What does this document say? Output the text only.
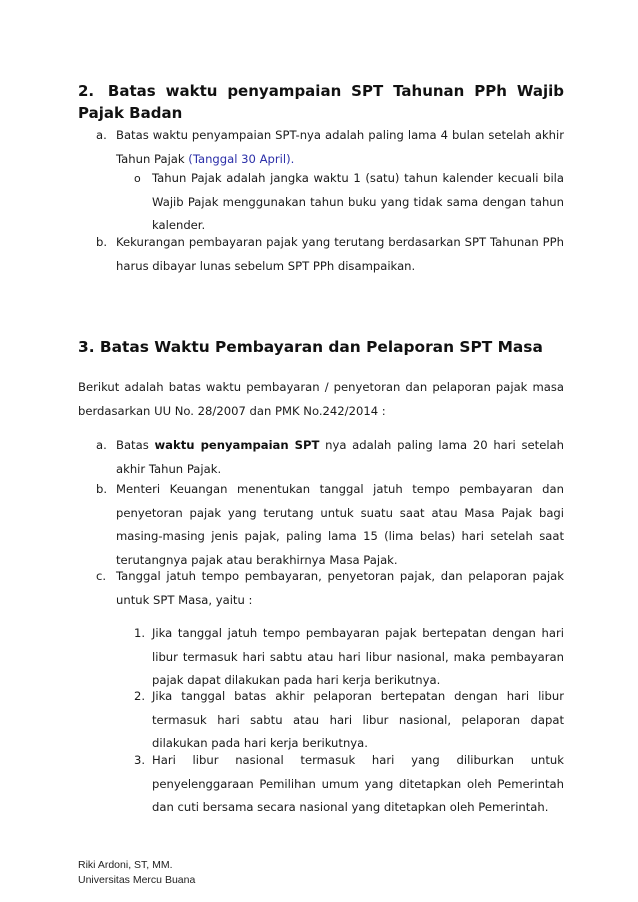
2. Batas waktu penyampaian SPT Tahunan PPh Wajib Pajak Badan
a. Batas waktu penyampaian SPT-nya adalah paling lama 4 bulan setelah akhir Tahun Pajak (Tanggal 30 April).
o Tahun Pajak adalah jangka waktu 1 (satu) tahun kalender kecuali bila Wajib Pajak menggunakan tahun buku yang tidak sama dengan tahun kalender.
b. Kekurangan pembayaran pajak yang terutang berdasarkan SPT Tahunan PPh harus dibayar lunas sebelum SPT PPh disampaikan.
3. Batas Waktu Pembayaran dan Pelaporan SPT Masa
Berikut adalah batas waktu pembayaran / penyetoran dan pelaporan pajak masa berdasarkan UU No. 28/2007 dan PMK No.242/2014 :
a. Batas waktu penyampaian SPT nya adalah paling lama 20 hari setelah akhir Tahun Pajak.
b. Menteri Keuangan menentukan tanggal jatuh tempo pembayaran dan penyetoran pajak yang terutang untuk suatu saat atau Masa Pajak bagi masing-masing jenis pajak, paling lama 15 (lima belas) hari setelah saat terutangnya pajak atau berakhirnya Masa Pajak.
c. Tanggal jatuh tempo pembayaran, penyetoran pajak, dan pelaporan pajak untuk SPT Masa, yaitu :
1. Jika tanggal jatuh tempo pembayaran pajak bertepatan dengan hari libur termasuk hari sabtu atau hari libur nasional, maka pembayaran pajak dapat dilakukan pada hari kerja berikutnya.
2. Jika tanggal batas akhir pelaporan bertepatan dengan hari libur termasuk hari sabtu atau hari libur nasional, pelaporan dapat dilakukan pada hari kerja berikutnya.
3. Hari libur nasional termasuk hari yang diliburkan untuk penyelenggaraan Pemilihan umum yang ditetapkan oleh Pemerintah dan cuti bersama secara nasional yang ditetapkan oleh Pemerintah.
Riki Ardoni, ST, MM.
Universitas Mercu Buana
